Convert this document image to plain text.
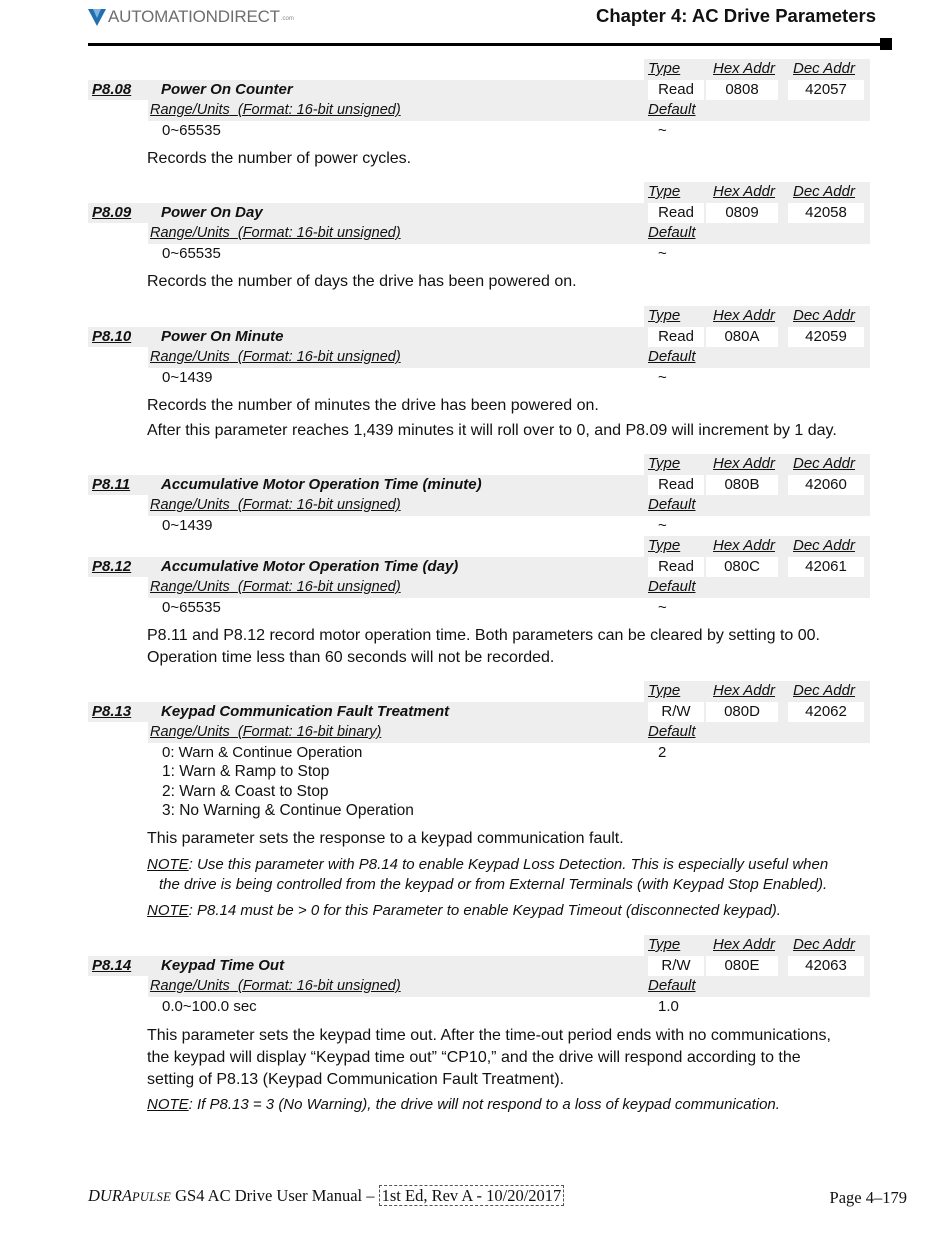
AUTOMATIONDIRECT .com	Chapter 4: AC Drive Parameters
Type	Hex Addr	Dec Addr
P8.08 Power On Counter	Read	0808	42057
Range/Units (Format: 16-bit unsigned)	Default
0~65535	~
Records the number of power cycles.
Type	Hex Addr	Dec Addr
P8.09 Power On Day	Read	0809	42058
Range/Units (Format: 16-bit unsigned)	Default
0~65535	~
Records the number of days the drive has been powered on.
Type	Hex Addr	Dec Addr
P8.10 Power On Minute	Read	080A	42059
Range/Units (Format: 16-bit unsigned)	Default
0~1439	~
Records the number of minutes the drive has been powered on.
After this parameter reaches 1,439 minutes it will roll over to 0, and P8.09 will increment by 1 day.
Type	Hex Addr	Dec Addr
P8.11 Accumulative Motor Operation Time (minute)	Read	080B	42060
Range/Units (Format: 16-bit unsigned)	Default
0~1439	~
Type	Hex Addr	Dec Addr
P8.12 Accumulative Motor Operation Time (day)	Read	080C	42061
Range/Units (Format: 16-bit unsigned)	Default
0~65535	~
P8.11 and P8.12 record motor operation time. Both parameters can be cleared by setting to 00.
Operation time less than 60 seconds will not be recorded.
Type	Hex Addr	Dec Addr
P8.13 Keypad Communication Fault Treatment	R/W	080D	42062
Range/Units (Format: 16-bit binary)	Default
0: Warn & Continue Operation	2
1: Warn & Ramp to Stop
2: Warn & Coast to Stop
3: No Warning & Continue Operation
This parameter sets the response to a keypad communication fault.
NOTE: Use this parameter with P8.14 to enable Keypad Loss Detection. This is especially useful when
the drive is being controlled from the keypad or from External Terminals (with Keypad Stop Enabled).
NOTE: P8.14 must be > 0 for this Parameter to enable Keypad Timeout (disconnected keypad).
Type	Hex Addr	Dec Addr
P8.14 Keypad Time Out	R/W	080E	42063
Range/Units (Format: 16-bit unsigned)	Default
0.0~100.0 sec	1.0
This parameter sets the keypad time out. After the time-out period ends with no communications,
the keypad will display “Keypad time out” “CP10,” and the drive will respond according to the
setting of P8.13 (Keypad Communication Fault Treatment).
NOTE: If P8.13 = 3 (No Warning), the drive will not respond to a loss of keypad communication.
DURAPULSE GS4 AC Drive User Manual – 1st Ed, Rev A - 10/20/2017	Page 4–179
